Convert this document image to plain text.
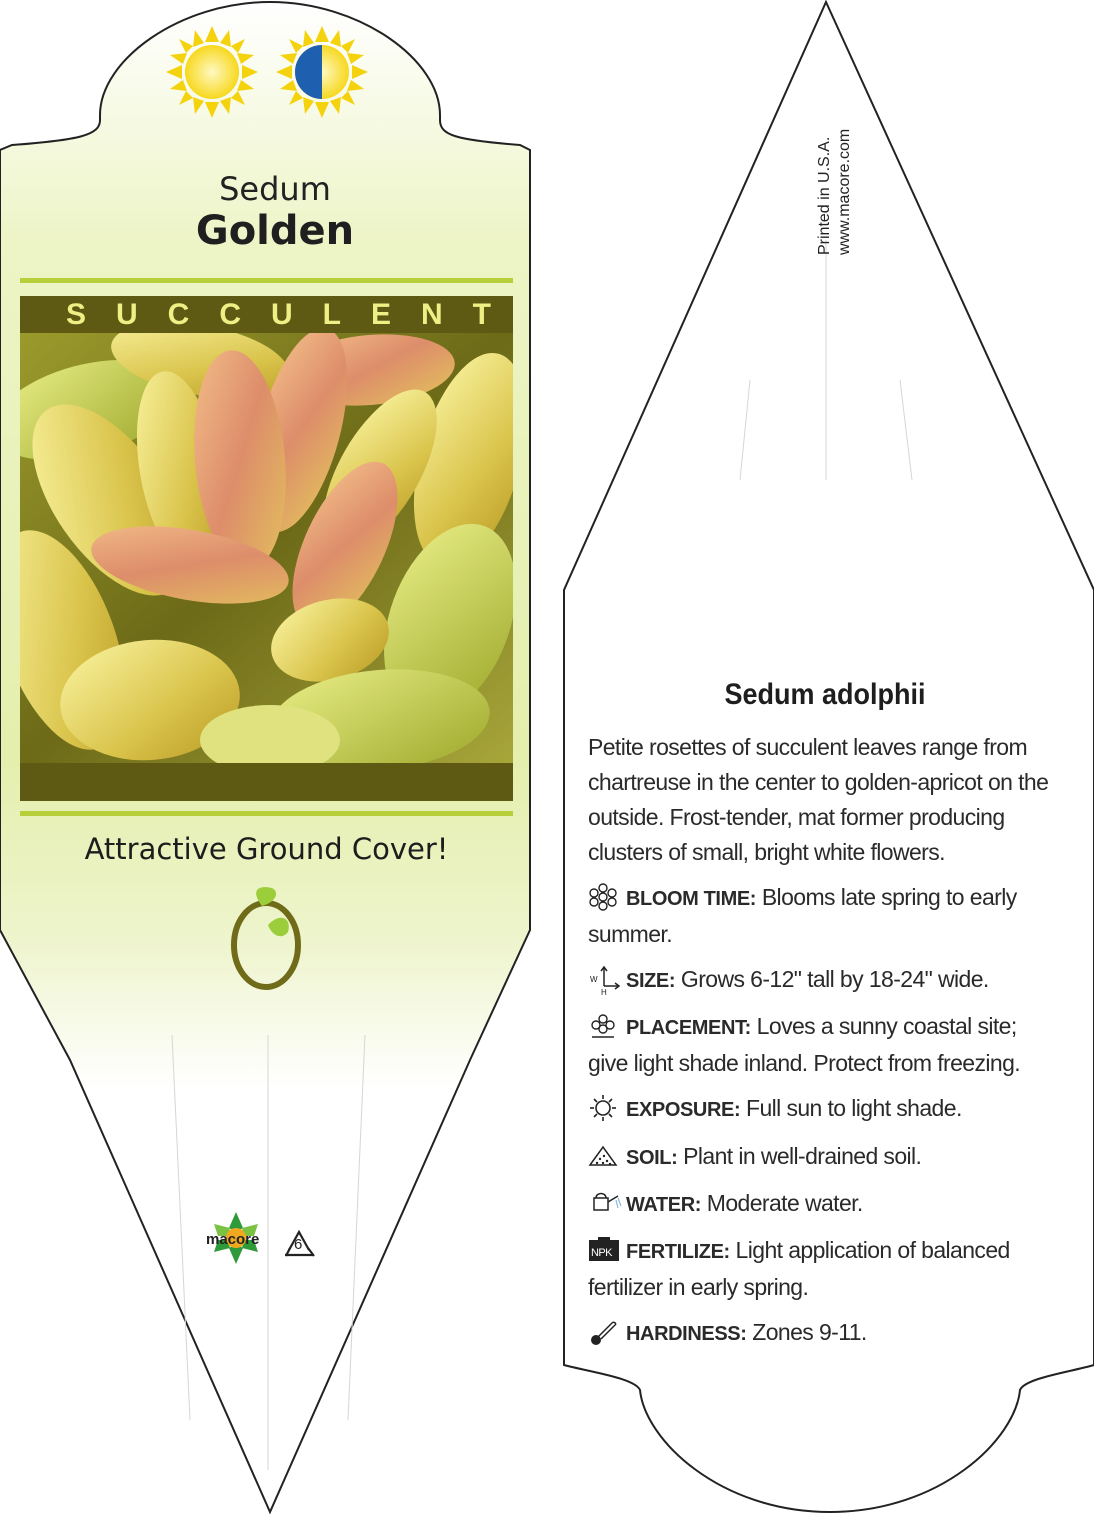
Sedum
Golden
SUCCULENT
Attractive Ground Cover!
macore 6
Printed in U.S.A. www.macore.com
Sedum adolphii
Petite rosettes of succulent leaves range from chartreuse in the center to golden-apricot on the outside. Frost-tender, mat former producing clusters of small, bright white flowers.
BLOOM TIME: Blooms late spring to early summer.
W
H
SIZE: Grows 6-12" tall by 18-24" wide.
PLACEMENT: Loves a sunny coastal site; give light shade inland. Protect from freezing.
EXPOSURE: Full sun to light shade.
SOIL: Plant in well-drained soil.
WATER: Moderate water.
NPK FERTILIZE: Light application of balanced fertilizer in early spring.
HARDINESS: Zones 9-11.
